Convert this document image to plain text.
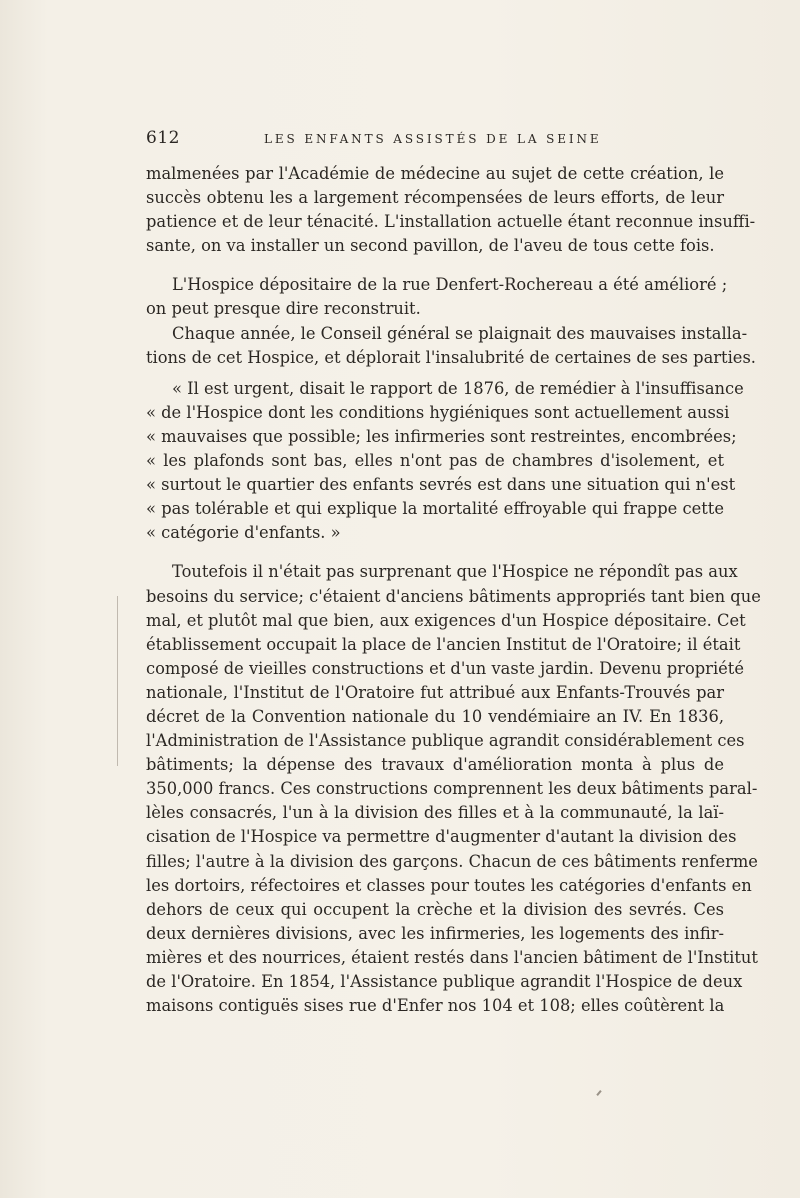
612	LES ENFANTS ASSISTÉS DE LA SEINE
malmenées par l'Académie de médecine au sujet de cette création, le
succès obtenu les a largement récompensées de leurs efforts, de leur
patience et de leur ténacité. L'installation actuelle étant reconnue insuffi-
sante, on va installer un second pavillon, de l'aveu de tous cette fois.
L'Hospice dépositaire de la rue Denfert-Rochereau a été amélioré ;
on peut presque dire reconstruit.
Chaque année, le Conseil général se plaignait des mauvaises installa-
tions de cet Hospice, et déplorait l'insalubrité de certaines de ses parties.
« Il est urgent, disait le rapport de 1876, de remédier à l'insuffisance
« de l'Hospice dont les conditions hygiéniques sont actuellement aussi
« mauvaises que possible; les infirmeries sont restreintes, encombrées;
« les plafonds sont bas, elles n'ont pas de chambres d'isolement, et
« surtout le quartier des enfants sevrés est dans une situation qui n'est
« pas tolérable et qui explique la mortalité effroyable qui frappe cette
« catégorie d'enfants. »
Toutefois il n'était pas surprenant que l'Hospice ne répondît pas aux
besoins du service; c'étaient d'anciens bâtiments appropriés tant bien que
mal, et plutôt mal que bien, aux exigences d'un Hospice dépositaire. Cet
établissement occupait la place de l'ancien Institut de l'Oratoire; il était
composé de vieilles constructions et d'un vaste jardin. Devenu propriété
nationale, l'Institut de l'Oratoire fut attribué aux Enfants-Trouvés par
décret de la Convention nationale du 10 vendémiaire an IV. En 1836,
l'Administration de l'Assistance publique agrandit considérablement ces
bâtiments; la dépense des travaux d'amélioration monta à plus de
350,000 francs. Ces constructions comprennent les deux bâtiments paral-
lèles consacrés, l'un à la division des filles et à la communauté, la laï-
cisation de l'Hospice va permettre d'augmenter d'autant la division des
filles; l'autre à la division des garçons. Chacun de ces bâtiments renferme
les dortoirs, réfectoires et classes pour toutes les catégories d'enfants en
dehors de ceux qui occupent la crèche et la division des sevrés. Ces
deux dernières divisions, avec les infirmeries, les logements des infir-
mières et des nourrices, étaient restés dans l'ancien bâtiment de l'Institut
de l'Oratoire. En 1854, l'Assistance publique agrandit l'Hospice de deux
maisons contiguës sises rue d'Enfer nos 104 et 108; elles coûtèrent la
